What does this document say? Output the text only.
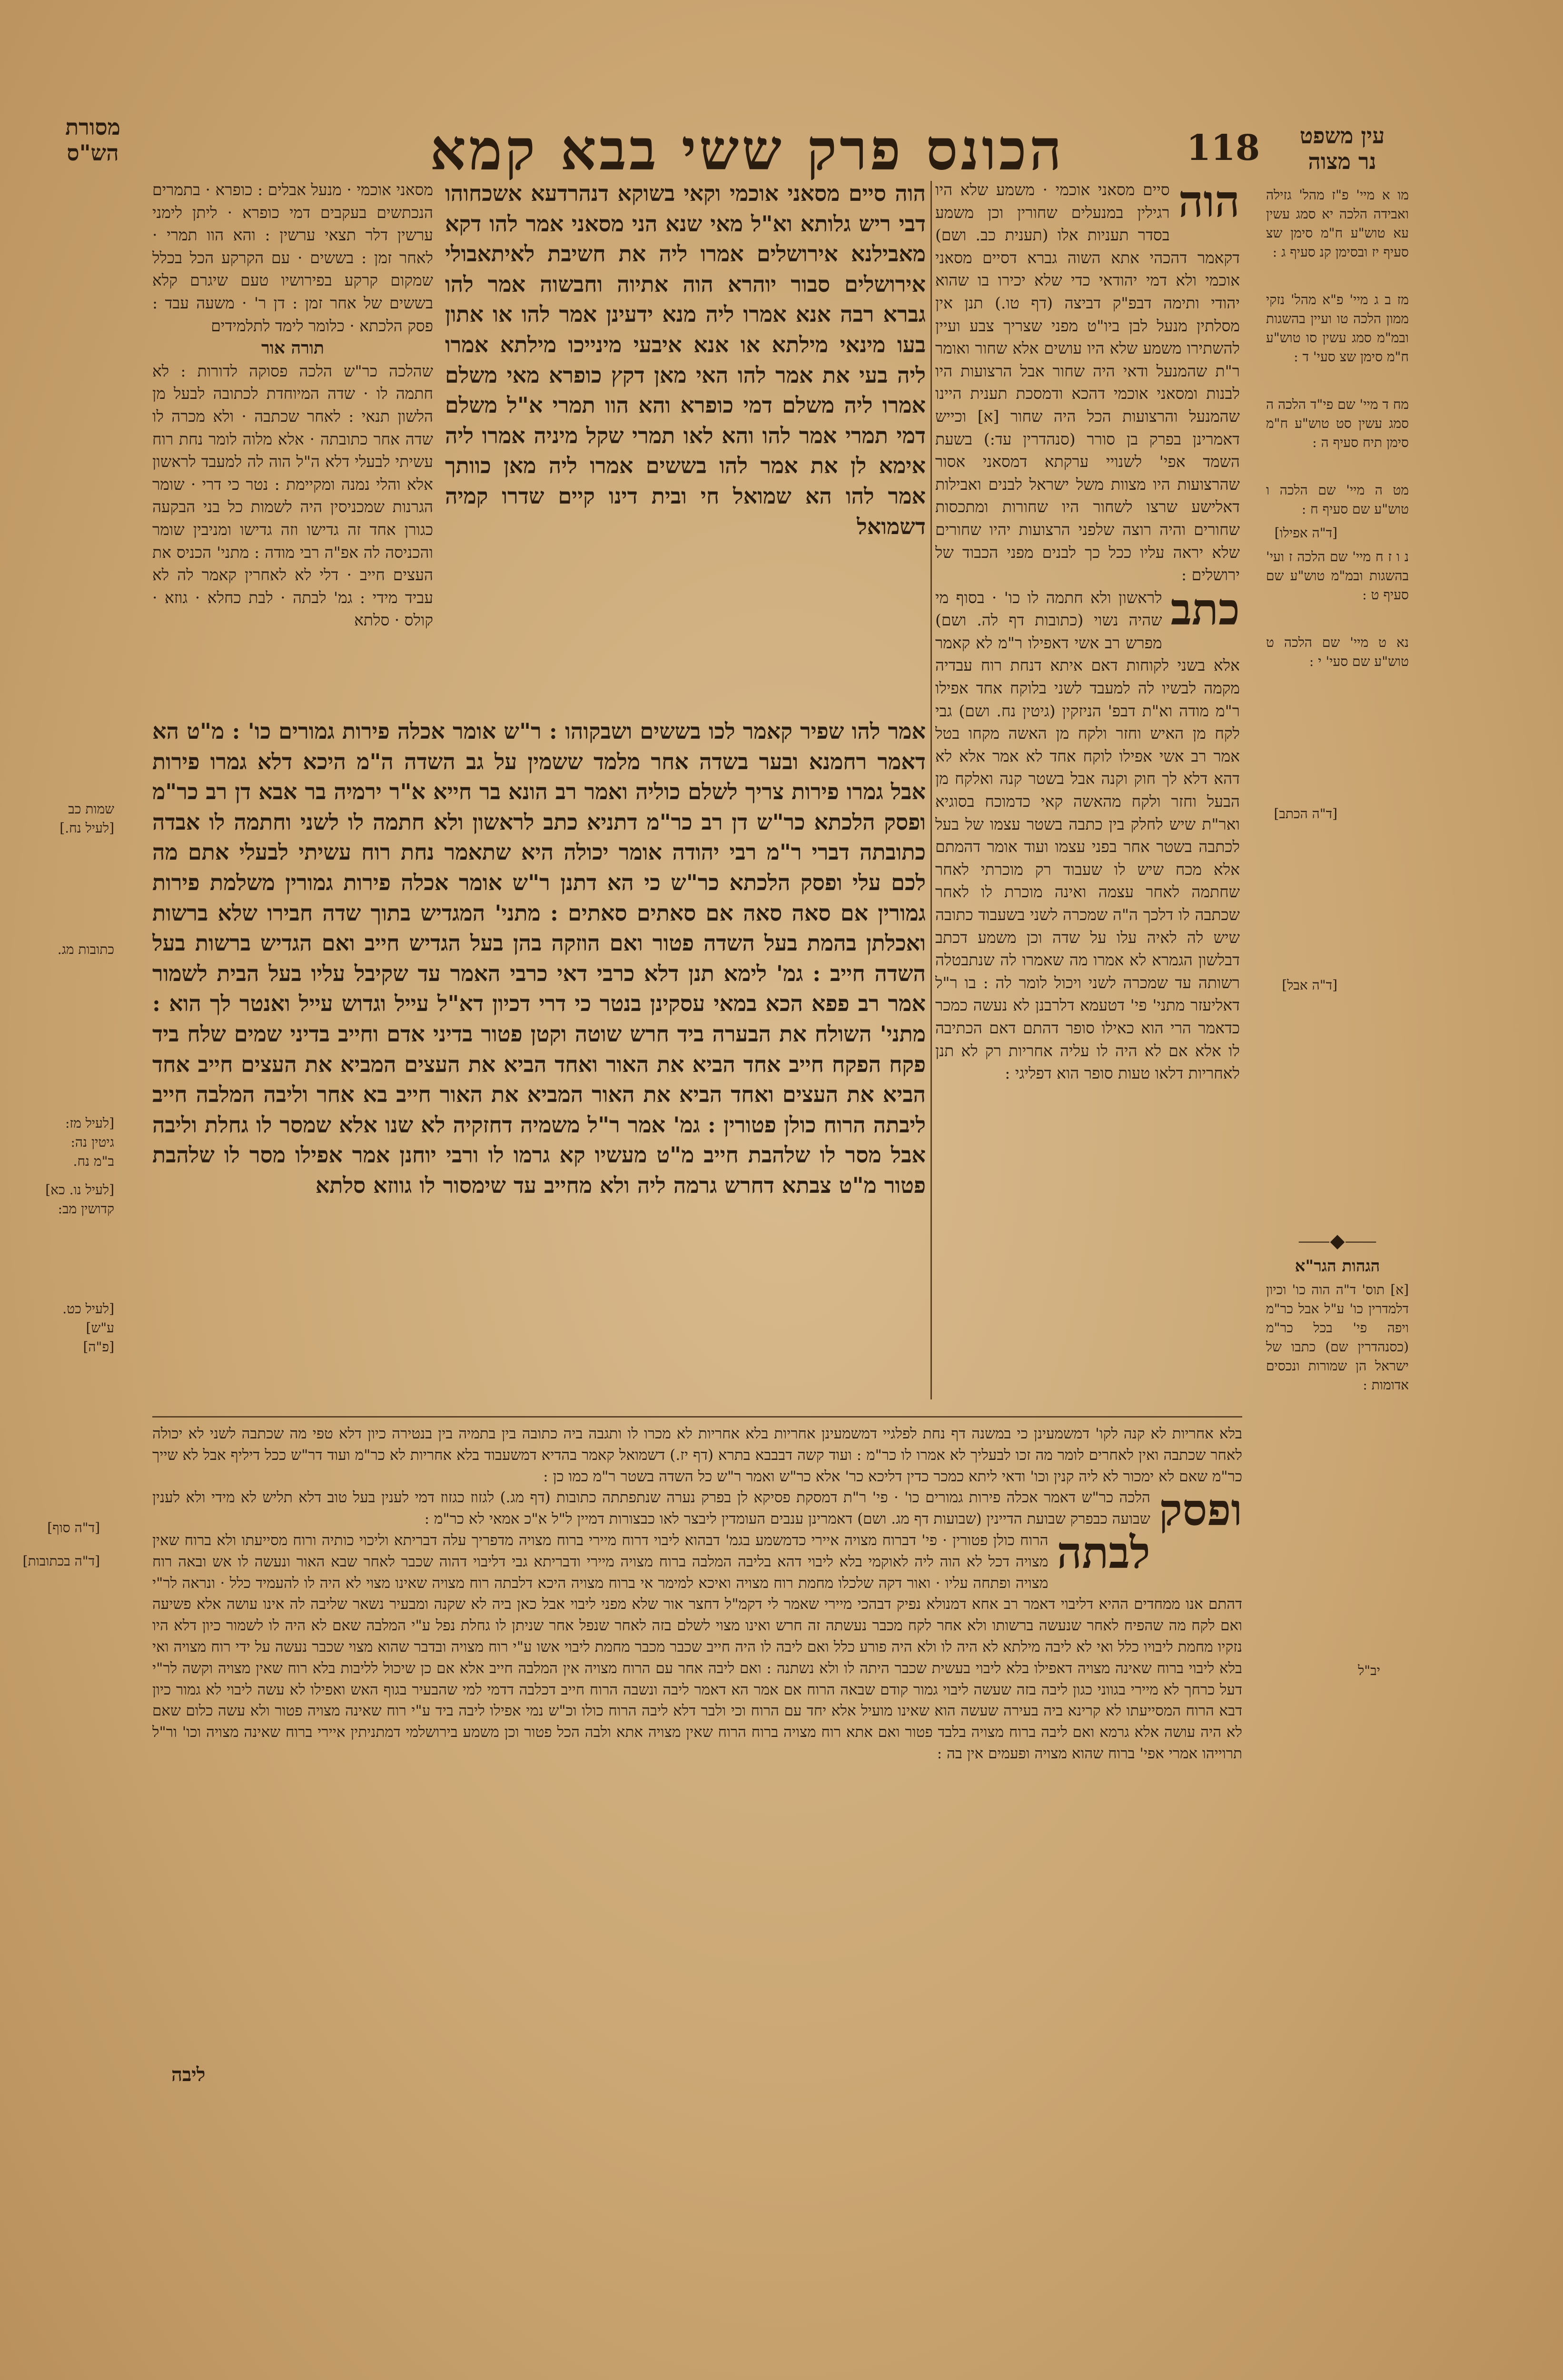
מסורת
הש"ס	הכונס פרק ששי בבא קמא	118	עין משפט
נר מצוה
מו א מיי' פ"ז מהל' גזילה ואבידה הלכה יא סמג עשין עא טוש"ע ח"מ סימן שצ סעיף יז ובסימן קנ סעיף ג :
מז ב ג מיי' פ"א מהל' נזקי ממון הלכה טו ועיין בהשגות ובמ"מ סמג עשין סו טוש"ע ח"מ סימן שצ סעי' ד :
מח ד מיי' שם פי"ד הלכה ה סמג עשין סט טוש"ע ח"מ סימן תיח סעיף ה :
מט ה מיי' שם הלכה ו טוש"ע שם סעיף ח :
נ ו ז ח מיי' שם הלכה ז ועי' בהשגות ובמ"מ טוש"ע שם סעיף ט :
נא ט מיי' שם הלכה ט טוש"ע שם סעי' י :
⸺◆⸺
הגהות הגר"א
[א] תוס' ד"ה הוה כו' וכיון דלמדרין כו' ע"ל אבל כר"מ ויפה פי' בכל כר"מ (כסנהדרין שם) כתבו של ישראל הן שמורות ונכסים אדומות :
[ד"ה אפילו]
[ד"ה הכתב]
[ד"ה אבל]
[ד"ה סוף]
[ד"ה בכתובות]
יב"ל
שמות כב
[לעיל נח.]
כתובות מג.
[לעיל מז:
גיטין נה:
ב"מ נח.
[לעיל נו. כא]
קדושין מב:
[לעיל כט.
ע"ש]
[פ"ה]
הוה
סיים מסאני אוכמי · משמע שלא היו רגילין במנעלים שחורין וכן משמע בסדר תעניות אלו (תענית כב. ושם) דקאמר דהכהי אתא השוה גברא דסיים מסאני אוכמי ולא דמי יהודאי כדי שלא יכירו בו שהוא יהודי ותימה דבפ"ק דביצה (דף טו.) תנן אין מסלתין מנעל לבן ביו"ט מפני שצריך צבע ועיין להשתירו משמע שלא היו עושים אלא שחור ואומר ר"ת שהמנעל ודאי היה שחור אבל הרצועות היו לבנות ומסאני אוכמי דהכא ודמסכת תענית היינו שהמנעל והרצועות הכל היה שחור [א] וכייש דאמרינן בפרק בן סורר (סנהדרין עד:) בשעת השמד אפי' לשנויי ערקתא דמסאני אסור שהרצועות היו מצוות משל ישראל לבנים ואבילות דאלישע שרצו לשחור היו שחורות ומתכסות שחורים והיה רוצה שלפני הרצועות יהיו שחורים שלא יראה עליו ככל כך לבנים מפני הכבוד של ירושלים :

כתב
לראשון ולא חתמה לו כו' · בסוף מי שהיה נשוי (כתובות דף לה. ושם) מפרש רב אשי דאפילו ר"מ לא קאמר אלא בשני לקוחות דאם איתא דנחת רוח עבדיה מקמה לבשיו לה למעבד לשני בלוקח אחד אפילו ר"מ מודה וא"ת דבפ' הניזקין (גיטין נח. ושם) גבי לקח מן האיש וחזר ולקח מן האשה מקחו בטל אמר רב אשי אפילו לוקח אחד לא אמר אלא לא דהא דלא לך חוק וקנה אבל בשטר קנה ואלקח מן הבעל וחזר ולקח מהאשה קאי כדמוכח בסוגיא ואר"ת שיש לחלק בין כתבה בשטר עצמו של בעל לכתבה בשטר אחר בפני עצמו ועוד אומר דהמתם אלא מכח שיש לו שעבוד רק מוכרתי לאחר שחתמה לאחר עצמה ואינה מוכרת לו לאחר שכתבה לו דלכך ה"ה שמכרה לשני בשעבוד כתובה שיש לה לאיה עלו על שדה וכן משמע דכתב דבלשון הגמרא לא אמרו מה שאמרו לה שנתבטלה רשותה עד שמכרה לשני ויכול לומר לה : בו ר"ל דאליעזר מתני' פי' דטעמא דלרבנן לא נעשה כמכר כדאמר הרי הוא כאילו סופר דהתם דאם הכתיבה לו אלא אם לא היה לו עליה אחריות רק לא תנן לאחריות דלאו טעות סופר הוא דפליגי :
מסאני אוכמי · מנעל אבלים : כופרא · בתמרים הנכתשים בעקבים דמי כופרא · ליתן לימני ערשין דלר תצאי ערשין : והא הוו תמרי · לאחר זמן : בששים · עם הקרקע הכל בכלל שמקום קרקע בפירושיו טעם שיגרם קלא בששים של אחר זמן : דן ר' · משעה עבד : פסק הלכתא · כלומר לימד לתלמידים
תורה אור
שהלכה כר"ש הלכה פסוקה לדורות : לא חתמה לו · שדה המיוחדת לכתובה לבעל מן הלשון תנאי : לאחר שכתבה · ולא מכרה לו שדה אחר כתובתה · אלא מלוה לומר נחת רוח עשיתי לבעלי דלא ה"ל הוה לה למעבד לראשון אלא והלי נמנה ומקיימת : נטר כי דרי · שומר הגרנות שמכניסין היה לשמות כל בני הבקעה כגורן אחד זה גדישו וזה גדישו ומניבין שומר והכניסה לה אפ"ה רבי מודה : מתני' הכניס את העצים חייב · דלי לא לאחרין קאמר לה לא עביד מידי : גמ' לבתה · לבת כחלא · גוזא · קולס · סלתא
הוה סיים מסאני אוכמי וקאי בשוקא דנהרדעא אשכחוהו דבי ריש גלותא וא"ל מאי שנא הני מסאני אמר להו דקא מאבילנא אירושלים אמרו ליה את חשיבת לאיתאבולי אירושלים סבור יוהרא הוה אתיוה וחבשוה אמר להו גברא רבה אנא אמרו ליה מנא ידעינן אמר להו או אתון בעו מינאי מילתא או אנא איבעי מינייכו מילתא אמרו ליה בעי את אמר להו האי מאן דקץ כופרא מאי משלם אמרו ליה משלם דמי כופרא והא הוו תמרי א"ל משלם דמי תמרי אמר להו והא לאו תמרי שקל מיניה אמרו ליה אימא לן את אמר להו בששים אמרו ליה מאן כוותך אמר להו הא שמואל חי ובית דינו קיים שדרו קמיה דשמואל
אמר להו שפיר קאמר לכו בששים ושבקוהו : ר"ש אומר אכלה פירות גמורים כו' : מ"ט הא דאמר רחמנא ובער בשדה אחר מלמד ששמין על גב השדה ה"מ היכא דלא גמרו פירות אבל גמרו פירות צריך לשלם כוליה ואמר רב הונא בר חייא א"ר ירמיה בר אבא דן רב כר"מ ופסק הלכתא כר"ש דן רב כר"מ דתניא כתב לראשון ולא חתמה לו לשני וחתמה לו אבדה כתובתה דברי ר"מ רבי יהודה אומר יכולה היא שתאמר נחת רוח עשיתי לבעלי אתם מה לכם עלי ופסק הלכתא כר"ש כי הא דתנן ר"ש אומר אכלה פירות גמורין משלמת פירות גמורין אם סאה סאה אם סאתים סאתים : מתני' המגדיש בתוך שדה חבירו שלא ברשות ואכלתן בהמת בעל השדה פטור ואם הוזקה בהן בעל הגדיש חייב ואם הגדיש ברשות בעל השדה חייב : גמ' לימא תנן דלא כרבי דאי כרבי האמר עד שקיבל עליו בעל הבית לשמור אמר רב פפא הכא במאי עסקינן בנטר כי דרי דכיון דא"ל עייל וגדוש עייל ואנטר לך הוא : מתני' השולח את הבערה ביד חרש שוטה וקטן פטור בדיני אדם וחייב בדיני שמים שלח ביד פקח הפקח חייב אחד הביא את האור ואחד הביא את העצים המביא את העצים חייב אחד הביא את העצים ואחד הביא את האור המביא את האור חייב בא אחר וליבה המלבה חייב ליבתה הרוח כולן פטורין : גמ' אמר ר"ל משמיה דחזקיה לא שנו אלא שמסר לו גחלת וליבה אבל מסר לו שלהבת חייב מ"ט מעשיו קא גרמו לו ורבי יוחנן אמר אפילו מסר לו שלהבת פטור מ"ט צבתא דחרש גרמה ליה ולא מחייב עד שימסור לו גווזא סלתא
בלא אחריות לא קנה לקו' דמשמעינן כי במשנה דף נחת לפלגיי דמשמעינן אחריות בלא אחריות לא מכרו לו ותגבה ביה כתובה בין בתמיה בין בנטירה כיון דלא טפי מה שכתבה לשני לא יכולה לאחר שכתבה ואין לאחרים לומר מה זכו לבעליך לא אמרו לו כר"מ : ועוד קשה דבבבא בתרא (דף יז.) דשמואל קאמר בהדיא דמשעבוד בלא אחריות לא כר"מ ועוד דר"ש ככל דיליף אבל לא שייך כר"מ שאם לא ימכור לא ליה קנין וכו' ודאי ליתא כמכר כדין דליכא כר' אלא כר"ש ואמר ר"ש כל השדה בשטר ר"מ כמו כן :

ופסק
הלכה כר"ש דאמר אכלה פירות גמורים כו' · פי' ר"ת דמסקת פסיקא לן בפרק נערה שנתפתתה כתובות (דף מג.) לגזוז כגזוז דמי לענין בעל טוב דלא תליש לא מידי ולא לענין שבועה כבפרק שבועת הדיינין (שבועות דף מג. ושם) דאמרינן ענבים העומדין ליבצר לאו כבצורות דמיין ל"ל א"כ אמאי לא כר"מ :

לבתה
הרוח כולן פטורין · פי' דברוח מצויה איירי כדמשמע בגמ' דבהוא ליבוי דרוח מיירי ברוח מצויה מדפריך עלה דבריתא וליכוי כותיה ורוח מסייעתו ולא ברוח שאין מצויה דכל לא הוה ליה לאוקמי בלא ליבוי דהא בליבה המלבה ברוח מצויה מיירי ודבריתא גבי דליבוי דהוה שכבר לאחר שבא האור ונעשה לו אש ובאה רוח מצויה ופתחה עליו · ואור דקה שלכלו מחמת רוח מצויה ואיכא למימר אי ברוח מצויה היכא דלבתה רוח מצויה שאינו מצוי לא היה לו להעמיד כלל · ונראה לר"י דהתם אנו ממחדים ההיא דליבוי דאמר רב אחא דמנולא נפיק דבהכי מיירי שאמר לי דקמ"ל דחצר אור שלא מפני ליבוי אבל כאן ביה לא שקנה ומבעיר נשאר שליבה לה אינו עושה אלא פשיעה ואם לקח מה שהפיח לאחר שנעשה ברשותו ולא אחר לקח מכבר נעשתה זה חרש ואינו מצוי לשלם בזה לאחר שנפל אחר שניתן לו גחלת נפל ע"י המלבה שאם לא היה לו לשמור כיון דלא היו נזקיו מחמת ליבויו כלל ואי לא ליבה מילתא לא היה לו ולא היה פורע כלל ואם ליבה לו היה חייב שכבר מכבר מחמת ליבוי אשו ע"י רוח מצויה ובדבר שהוא מצוי שכבר נעשה על ידי רוח מצויה ואי בלא ליבוי ברוח שאינה מצויה דאפילו בלא ליבוי בעשית שכבר היתה לו ולא נשתנה : ואם ליבה אחר עם הרוח מצויה אין המלבה חייב אלא אם כן שיכול לליבות בלא רוח שאין מצויה וקשה לר"י דעל כרחך לא מיירי בגווני כגון ליבה בזה שעשה ליבוי גמור קודם שבאה הרוח אם אמר הא דאמר ליבה ונשבה הרוח חייב דכלבה דדמי למי שהבעיר בגוף האש ואפילו לא עשה ליבוי לא גמור כיון דבא הרוח המסייעתו לא קרינא ביה בעירה שעשה הוא שאינו מועיל אלא יחד עם הרוח וכי ולבר דלא ליבה הרוח כולו וכ"ש נמי אפילו ליבה ביד ע"י רוח שאינה מצויה פטור ולא עשה כלום שאם לא היה עושה אלא גרמא ואם ליבה ברוח מצויה בלבד פטור ואם אתא רוח מצויה ברוח הרוח שאין מצויה אתא ולבה הכל פטור וכן משמע בירושלמי דמתניתין איירי ברוח שאינה מצויה וכו' ור"ל תרוייהו אמרי אפי' ברוח שהוא מצויה ופעמים אין בה :
ליבה
